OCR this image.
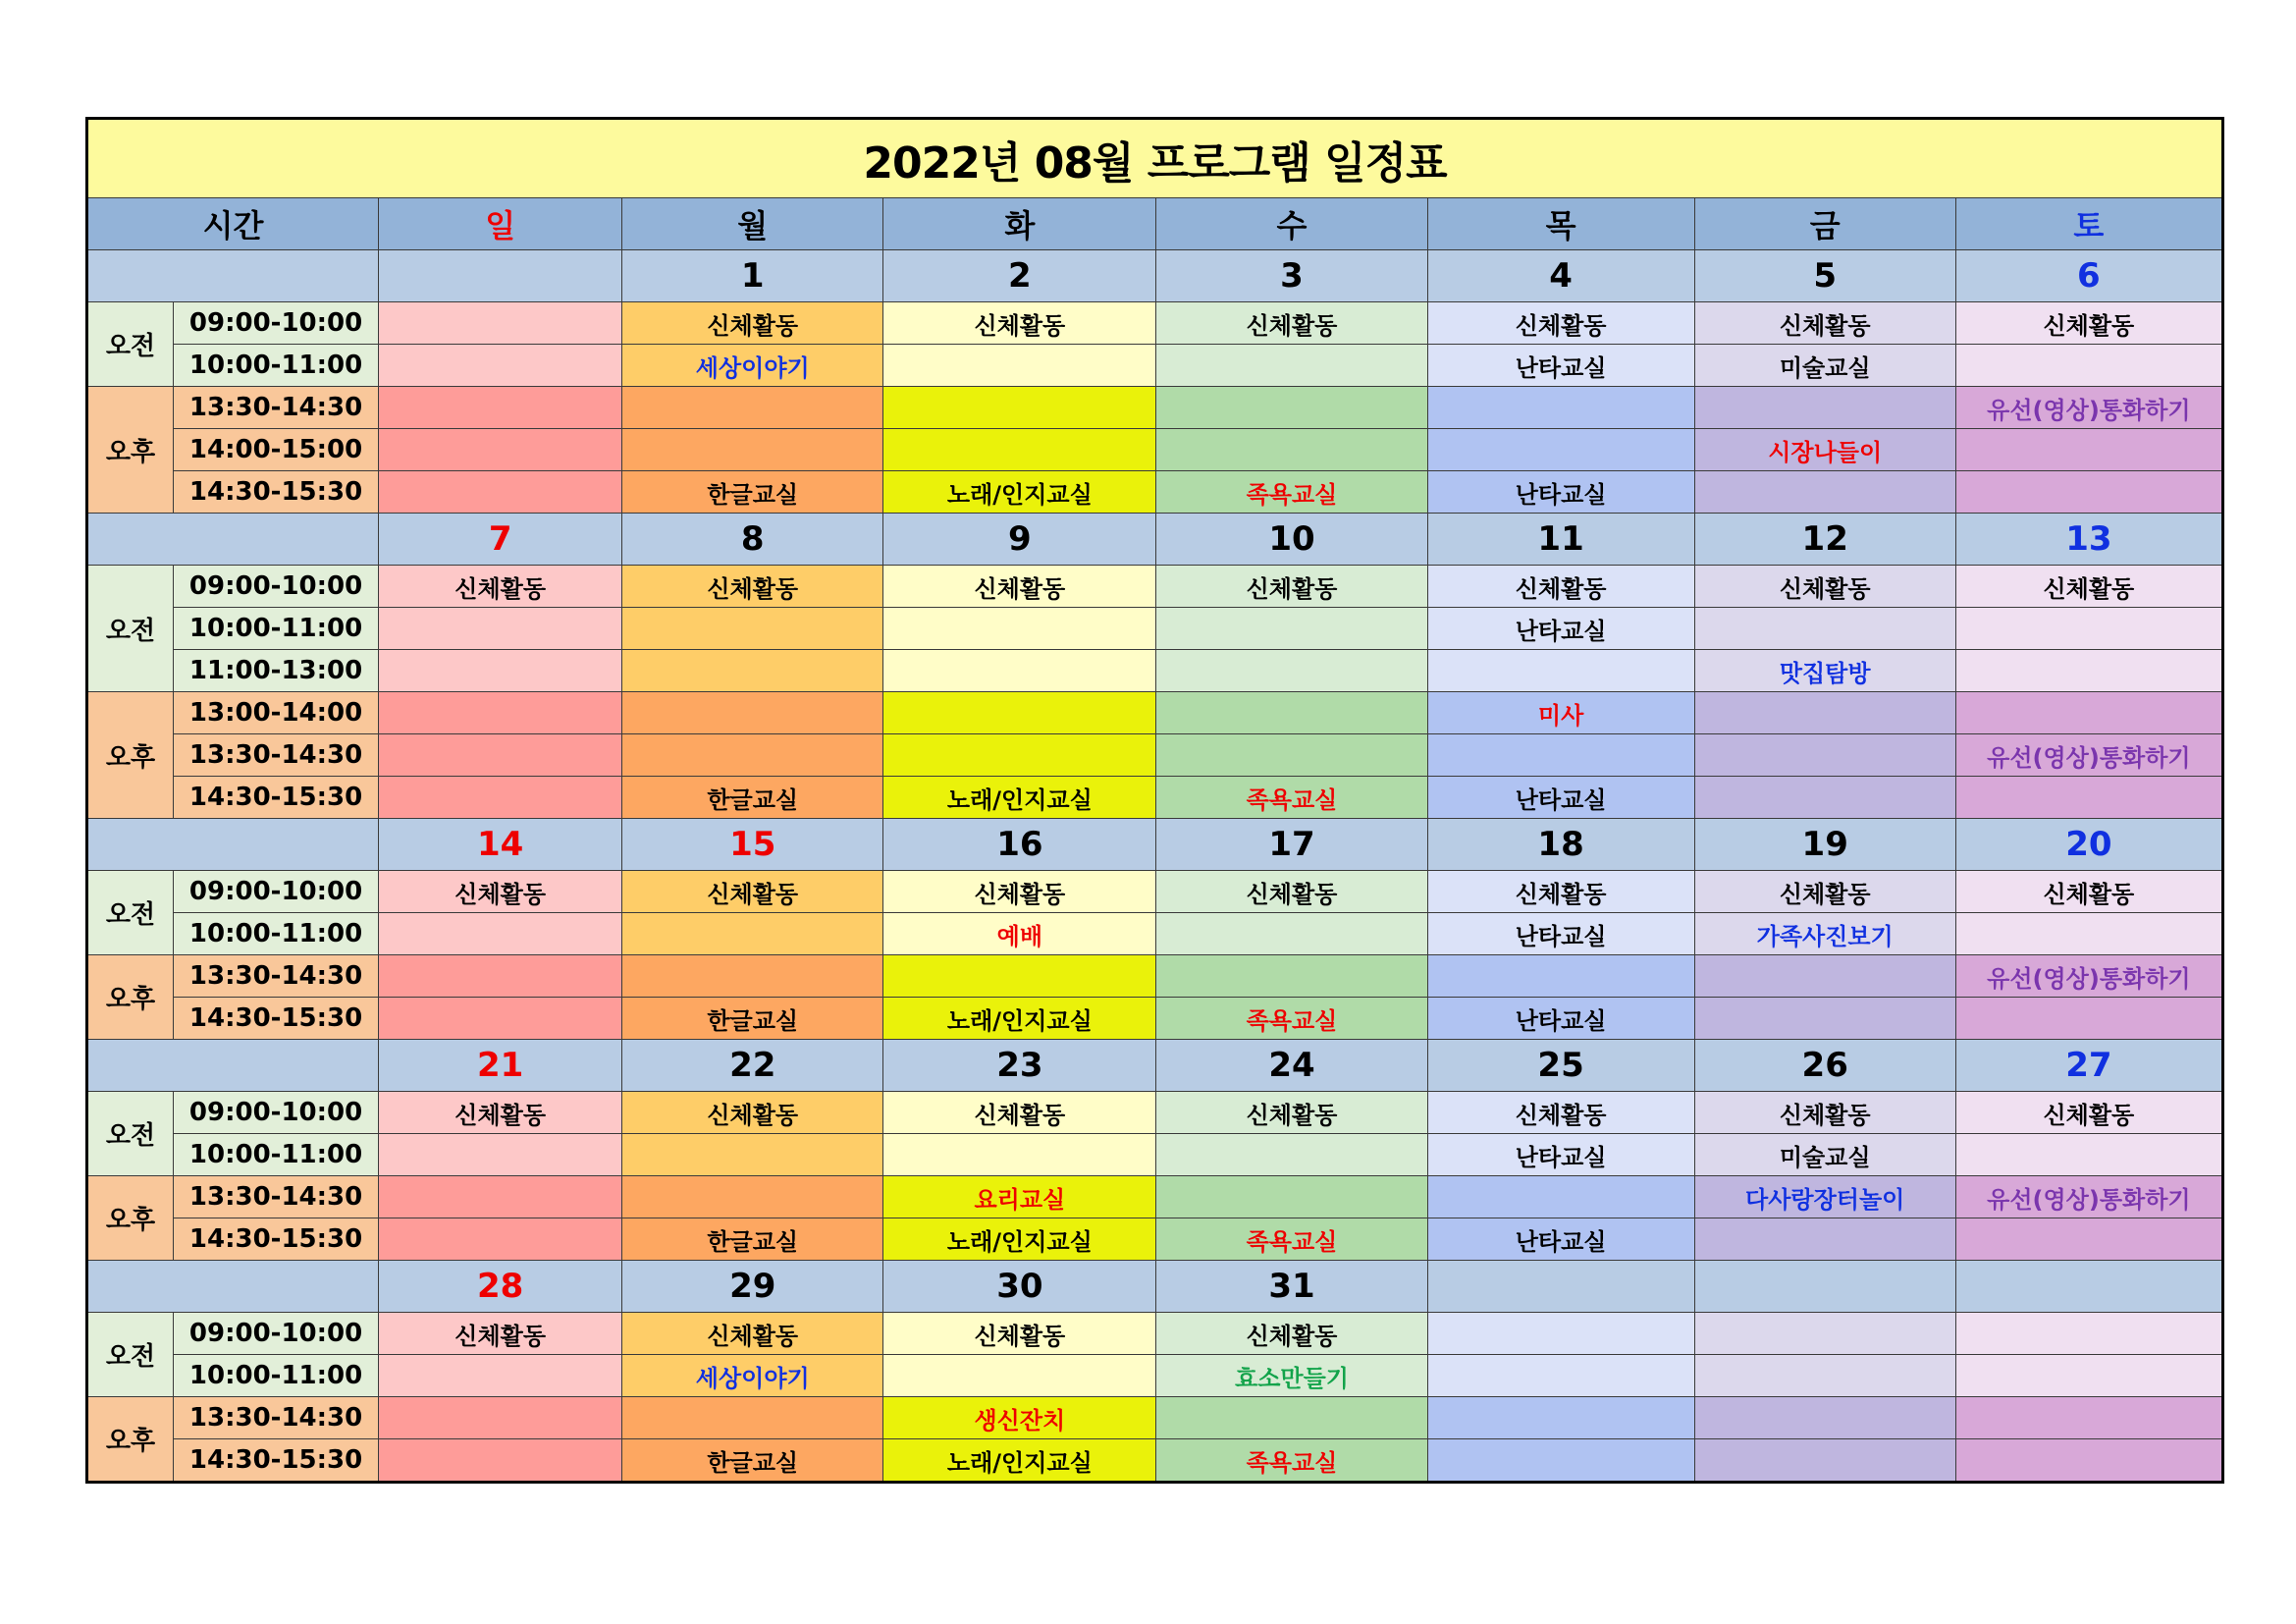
2022년 08월 프로그램 일정표								
시간		일	월	화	수	목	금	토
			1	2	3	4	5	6
오전	09:00-10:00		신체활동	신체활동	신체활동	신체활동	신체활동	신체활동
	10:00-11:00		세상이야기			난타교실	미술교실	
오후	13:30-14:30							유선(영상)통화하기
	14:00-15:00						시장나들이	
	14:30-15:30		한글교실	노래/인지교실	족욕교실	난타교실		
		7	8	9	10	11	12	13
오전	09:00-10:00	신체활동	신체활동	신체활동	신체활동	신체활동	신체활동	신체활동
	10:00-11:00					난타교실		
	11:00-13:00						맛집탐방	
오후	13:00-14:00					미사		
	13:30-14:30							유선(영상)통화하기
	14:30-15:30		한글교실	노래/인지교실	족욕교실	난타교실		
		14	15	16	17	18	19	20
오전	09:00-10:00	신체활동	신체활동	신체활동	신체활동	신체활동	신체활동	신체활동
	10:00-11:00			예배		난타교실	가족사진보기	
오후	13:30-14:30							유선(영상)통화하기
	14:30-15:30		한글교실	노래/인지교실	족욕교실	난타교실		
		21	22	23	24	25	26	27
오전	09:00-10:00	신체활동	신체활동	신체활동	신체활동	신체활동	신체활동	신체활동
	10:00-11:00					난타교실	미술교실	
오후	13:30-14:30			요리교실			다사랑장터놀이	유선(영상)통화하기
	14:30-15:30		한글교실	노래/인지교실	족욕교실	난타교실		
		28	29	30	31			
오전	09:00-10:00	신체활동	신체활동	신체활동	신체활동			
	10:00-11:00		세상이야기		효소만들기			
오후	13:30-14:30			생신잔치				
	14:30-15:30		한글교실	노래/인지교실	족욕교실			
